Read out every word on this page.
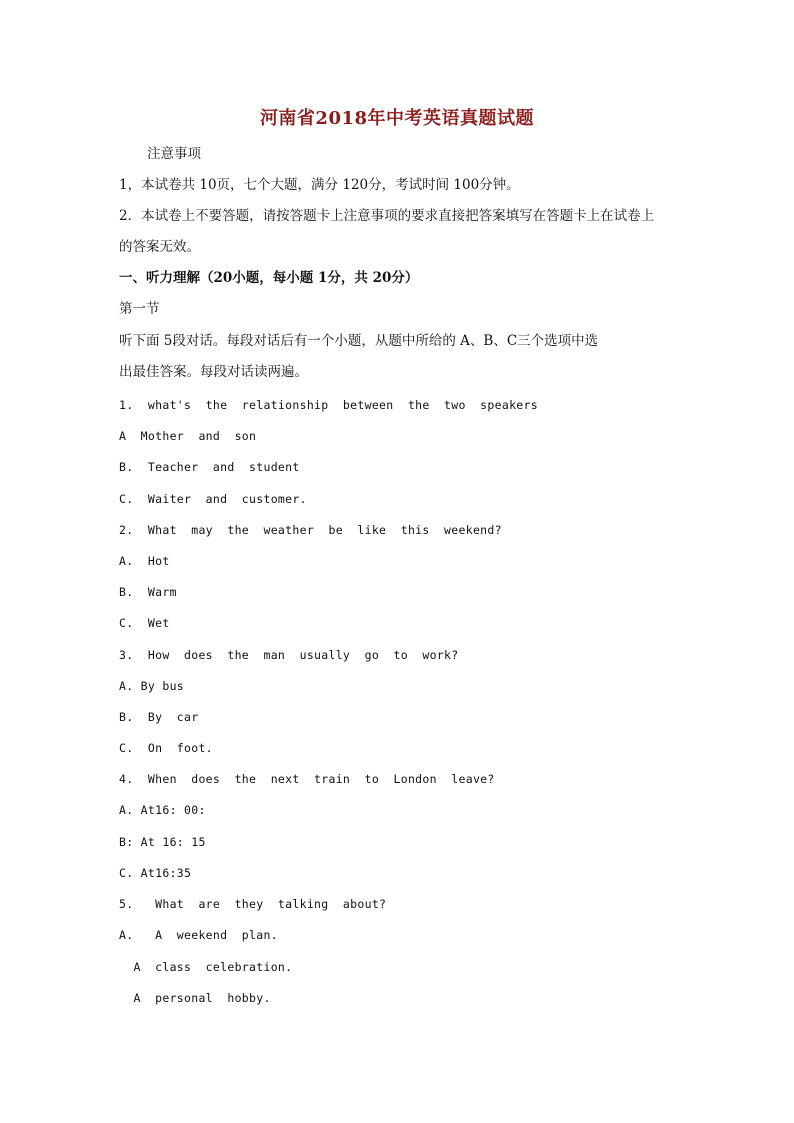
河南省2018年中考英语真题试题
注意事项
1，本试卷共 10页，七个大题，满分 120分，考试时间 100分钟。
2．本试卷上不要答题，请按答题卡上注意事项的要求直接把答案填写在答题卡上在试卷上
的答案无效。
一、听力理解（20小题，每小题 1分，共 20分）
第一节
听下面 5段对话。每段对话后有一个小题，从题中所给的 A、B、C三个选项中选
出最佳答案。每段对话读两遍。
1.  what's  the  relationship  between  the  two  speakers
A  Mother  and  son
B.  Teacher  and  student
C.  Waiter  and  customer.
2.  What  may  the  weather  be  like  this  weekend?
A.  Hot
B.  Warm
C.  Wet
3.  How  does  the  man  usually  go  to  work?
A. By bus
B.  By  car
C.  On  foot.
4.  When  does  the  next  train  to  London  leave?
A. At16: 00:
B: At 16: 15
C. At16:35
5.   What  are  they  talking  about?
A.   A  weekend  plan.
A  class  celebration.
A  personal  hobby.
